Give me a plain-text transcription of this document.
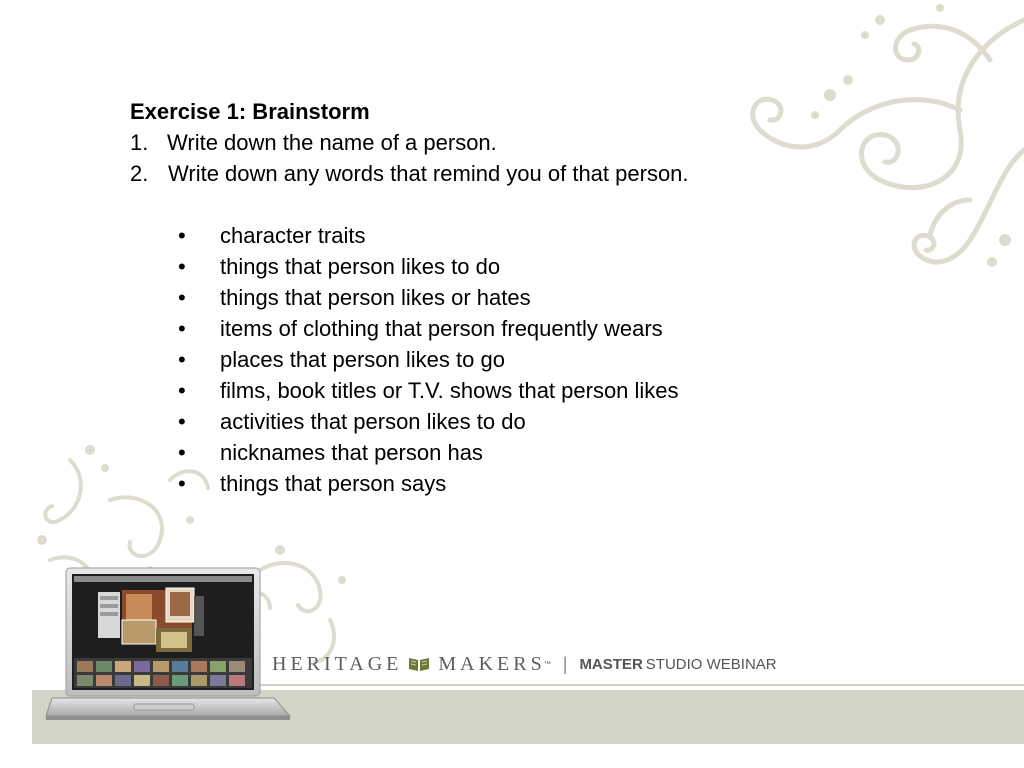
Exercise 1: Brainstorm
1. Write down the name of a person.
2. Write down any words that remind you of that person.
•	character traits
•	things that person likes to do
•	things that person likes or hates
•	items of clothing that person frequently wears
•	places that person likes to go
•	films, book titles or T.V. shows that person likes
•	activities that person likes to do
•	nicknames that person has
•	things that person says
HERITAGE MAKERS
™ | MASTER STUDIO WEBINAR
